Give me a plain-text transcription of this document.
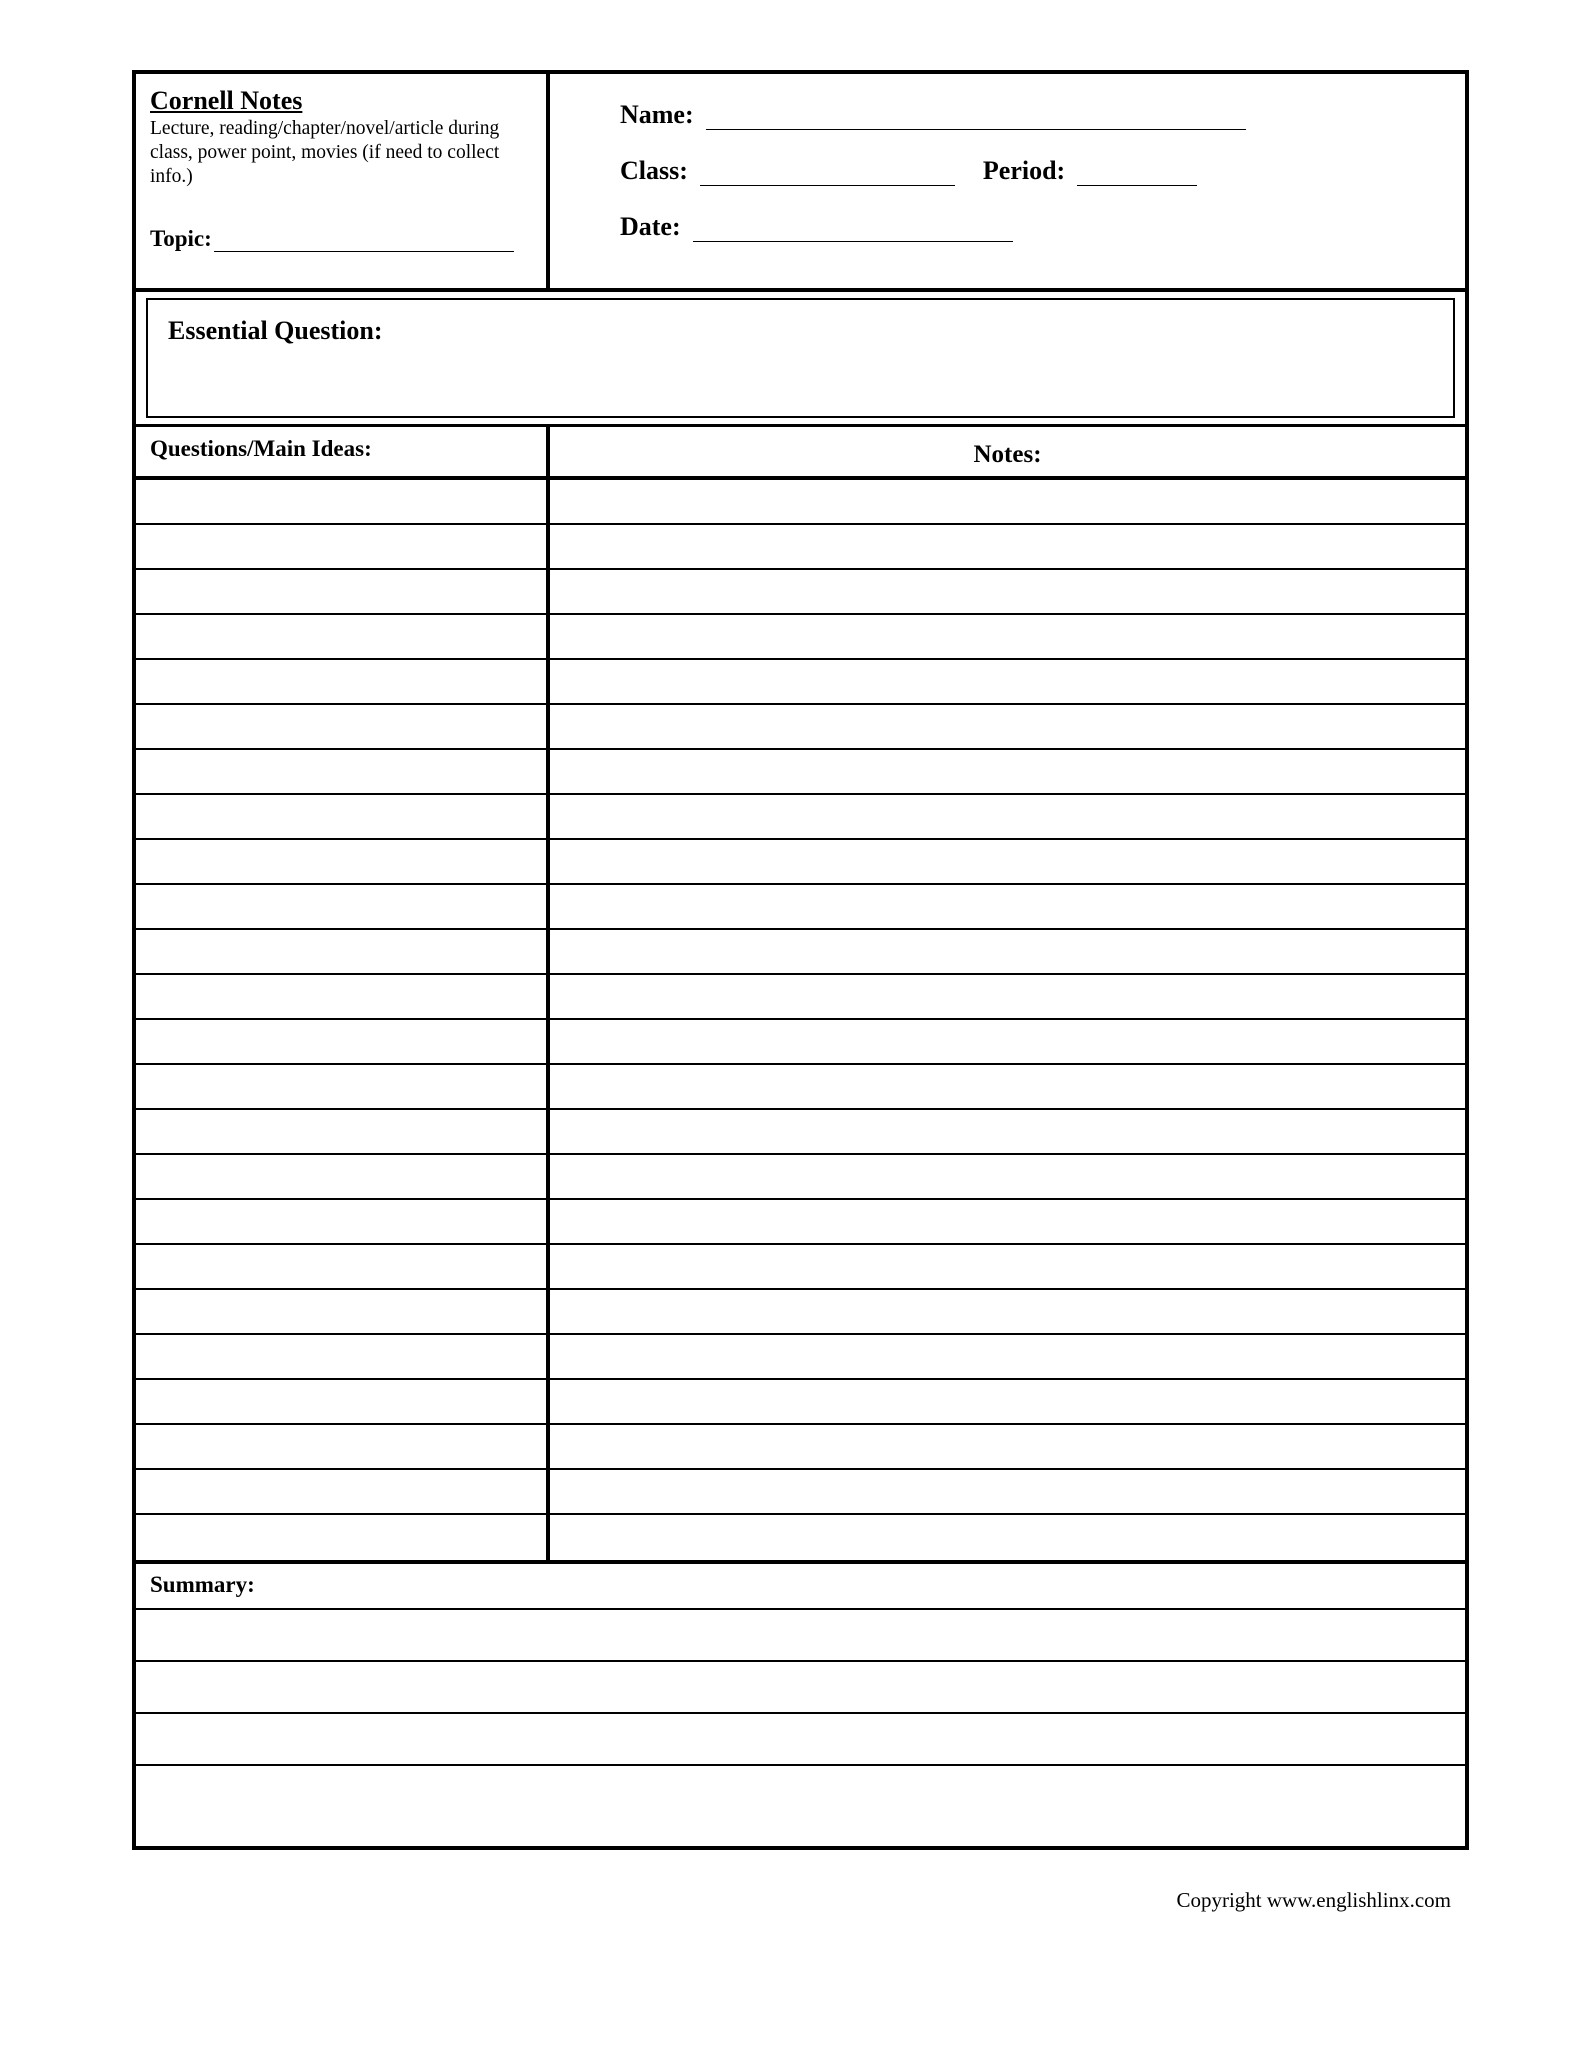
Cornell Notes
Lecture, reading/chapter/novel/article during class, power point, movies (if need to collect info.)
Topic:
Name:
Class:	Period:
Date:
Essential Question:
Questions/Main Ideas:	Notes:
Summary:
Copyright www.englishlinx.com
